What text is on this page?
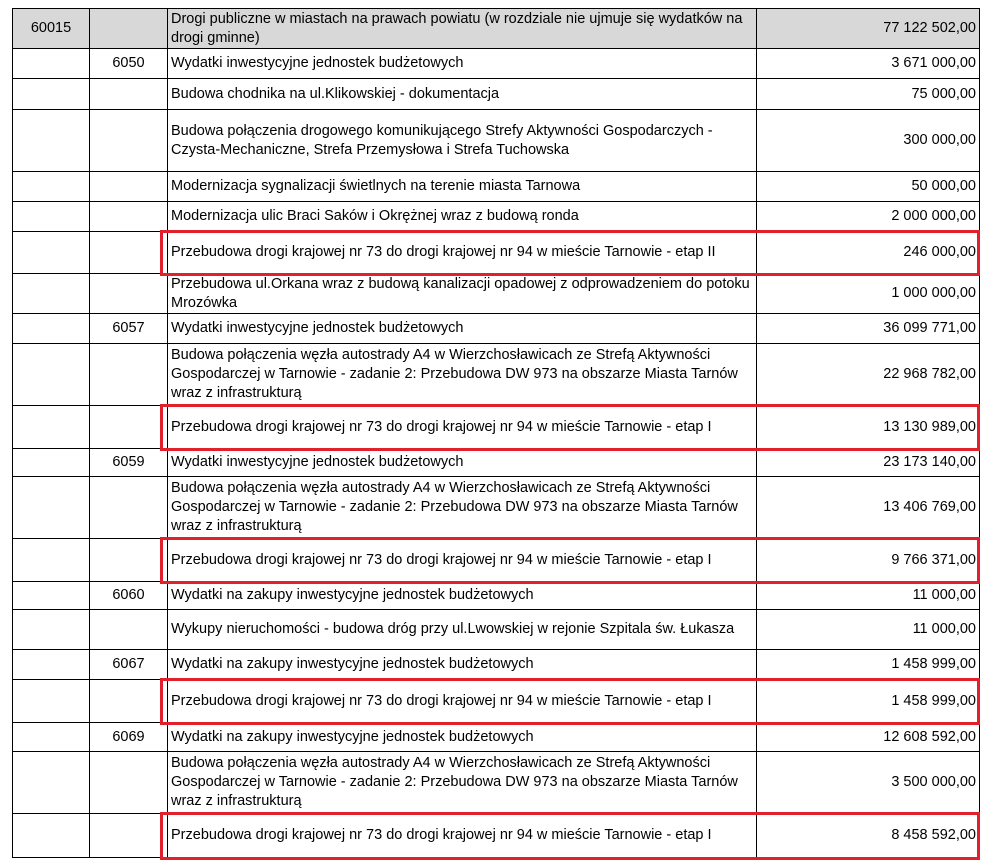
60015		Drogi publiczne w miastach na prawach powiatu (w rozdziale nie ujmuje się wydatków na drogi gminne)	77 122 502,00
	6050	Wydatki inwestycyjne jednostek budżetowych	3 671 000,00
		Budowa chodnika na ul.Klikowskiej - dokumentacja	75 000,00
		Budowa połączenia drogowego komunikującego Strefy Aktywności Gospodarczych - Czysta-Mechaniczne, Strefa Przemysłowa i Strefa Tuchowska	300 000,00
		Modernizacja sygnalizacji świetlnych na terenie miasta Tarnowa	50 000,00
		Modernizacja ulic Braci Saków i Okrężnej wraz z budową ronda	2 000 000,00
		Przebudowa drogi krajowej nr 73 do drogi krajowej nr 94 w mieście Tarnowie - etap II	246 000,00
		Przebudowa ul.Orkana wraz z budową kanalizacji opadowej z odprowadzeniem do potoku Mrozówka	1 000 000,00
	6057	Wydatki inwestycyjne jednostek budżetowych	36 099 771,00
		Budowa połączenia węzła autostrady A4 w Wierzchosławicach ze Strefą Aktywności Gospodarczej w Tarnowie - zadanie 2: Przebudowa DW 973 na obszarze Miasta Tarnów wraz z infrastrukturą	22 968 782,00
		Przebudowa drogi krajowej nr 73 do drogi krajowej nr 94 w mieście Tarnowie - etap I	13 130 989,00
	6059	Wydatki inwestycyjne jednostek budżetowych	23 173 140,00
		Budowa połączenia węzła autostrady A4 w Wierzchosławicach ze Strefą Aktywności Gospodarczej w Tarnowie - zadanie 2: Przebudowa DW 973 na obszarze Miasta Tarnów wraz z infrastrukturą	13 406 769,00
		Przebudowa drogi krajowej nr 73 do drogi krajowej nr 94 w mieście Tarnowie - etap I	9 766 371,00
	6060	Wydatki na zakupy inwestycyjne jednostek budżetowych	11 000,00
		Wykupy nieruchomości - budowa dróg przy ul.Lwowskiej w rejonie Szpitala św. Łukasza	11 000,00
	6067	Wydatki na zakupy inwestycyjne jednostek budżetowych	1 458 999,00
		Przebudowa drogi krajowej nr 73 do drogi krajowej nr 94 w mieście Tarnowie - etap I	1 458 999,00
	6069	Wydatki na zakupy inwestycyjne jednostek budżetowych	12 608 592,00
		Budowa połączenia węzła autostrady A4 w Wierzchosławicach ze Strefą Aktywności Gospodarczej w Tarnowie - zadanie 2: Przebudowa DW 973 na obszarze Miasta Tarnów wraz z infrastrukturą	3 500 000,00
		Przebudowa drogi krajowej nr 73 do drogi krajowej nr 94 w mieście Tarnowie - etap I	8 458 592,00
